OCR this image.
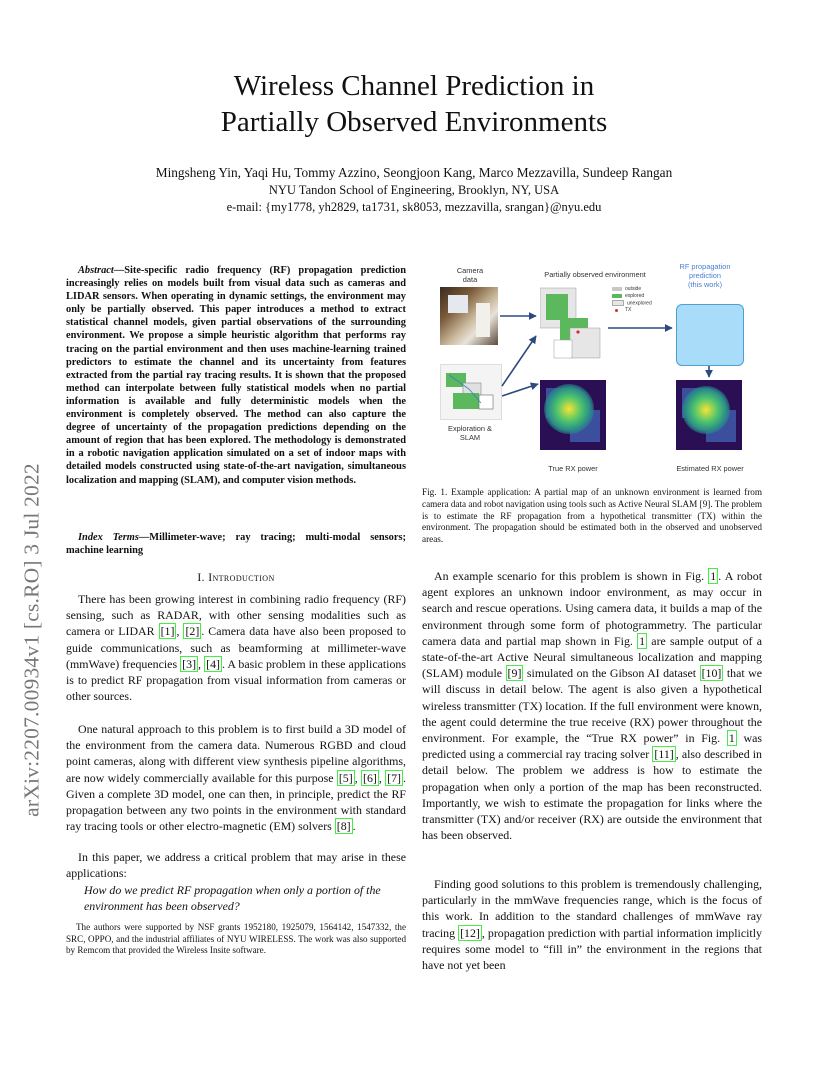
arXiv:2207.00934v1 [cs.RO] 3 Jul 2022
Wireless Channel Prediction in
Partially Observed Environments
Mingsheng Yin, Yaqi Hu, Tommy Azzino, Seongjoon Kang, Marco Mezzavilla, Sundeep Rangan
NYU Tandon School of Engineering, Brooklyn, NY, USA
e-mail: {my1778, yh2829, ta1731, sk8053, mezzavilla, srangan}@nyu.edu
Abstract—Site-specific radio frequency (RF) propagation prediction increasingly relies on models built from visual data such as cameras and LIDAR sensors. When operating in dynamic settings, the environment may only be partially observed. This paper introduces a method to extract statistical channel models, given partial observations of the surrounding environment. We propose a simple heuristic algorithm that performs ray tracing on the partial environment and then uses machine-learning trained predictors to estimate the channel and its uncertainty from features extracted from the partial ray tracing results. It is shown that the proposed method can interpolate between fully statistical models when no partial information is available and fully deterministic models when the environment is completely observed. The method can also capture the degree of uncertainty of the propagation predictions depending on the amount of region that has been explored. The methodology is demonstrated in a robotic navigation application simulated on a set of indoor maps with detailed models constructed using state-of-the-art navigation, simultaneous localization and mapping (SLAM), and computer vision methods.
Index Terms—Millimeter-wave; ray tracing; multi-modal sensors; machine learning
I. Introduction

There has been growing interest in combining radio frequency (RF) sensing, such as RADAR, with other sensing modalities such as camera or LIDAR [1] , [2] . Camera data have also been proposed to guide communications, such as beamforming at millimeter-wave (mmWave) frequencies [3] , [4] . A basic problem in these applications is to predict RF propagation from visual information from cameras or other sources.

One natural approach to this problem is to first build a 3D model of the environment from the camera data. Numerous RGBD and cloud point cameras, along with different view synthesis pipeline algorithms, are now widely commercially available for this purpose [5] , [6] , [7] . Given a complete 3D model, one can then, in principle, predict the RF propagation between any two points in the environment with standard ray tracing tools or other electro-magnetic (EM) solvers [8] .

In this paper, we address a critical problem that may arise in these applications:

How do we predict RF propagation when only a portion of the environment has been observed?
The authors were supported by NSF grants 1952180, 1925079, 1564142, 1547332, the SRC, OPPO, and the industrial affiliates of NYU WIRELESS. The work was also supported by Remcom that provided the Wireless Insite software.
Camera
data
Partially observed environment
RF propagation
prediction
(this work)
Exploration &
SLAM
outside
explored
unexplored
TX
True RX power	Estimated RX power
Fig. 1. Example application: A partial map of an unknown environment is learned from camera data and robot navigation using tools such as Active Neural SLAM [9]. The problem is to estimate the RF propagation from a hypothetical transmitter (TX) within the environment. The propagation should be estimated both in the observed and unobserved areas.

An example scenario for this problem is shown in Fig. 1 . A robot agent explores an unknown indoor environment, as may occur in search and rescue operations. Using camera data, it builds a map of the environment through some form of photogrammetry. The particular camera data and partial map shown in Fig. 1 are sample output of a state-of-the-art Active Neural simultaneous localization and mapping (SLAM) module [9] simulated on the Gibson AI dataset [10] that we will discuss in detail below. The agent is also given a hypothetical wireless transmitter (TX) location. If the full environment were known, the agent could determine the true receive (RX) power throughout the environment. For example, the “True RX power” in Fig. 1 was predicted using a commercial ray tracing solver [11] , also described in detail below. The problem we address is how to estimate the propagation when only a portion of the map has been reconstructed. Importantly, we wish to estimate the propagation for links where the transmitter (TX) and/or receiver (RX) are outside the environment that has been observed.

Finding good solutions to this problem is tremendously challenging, particularly in the mmWave frequencies range, which is the focus of this work. In addition to the standard challenges of mmWave ray tracing [12] , propagation prediction with partial information implicitly requires some model to “fill in” the environment in the regions that have not yet been
